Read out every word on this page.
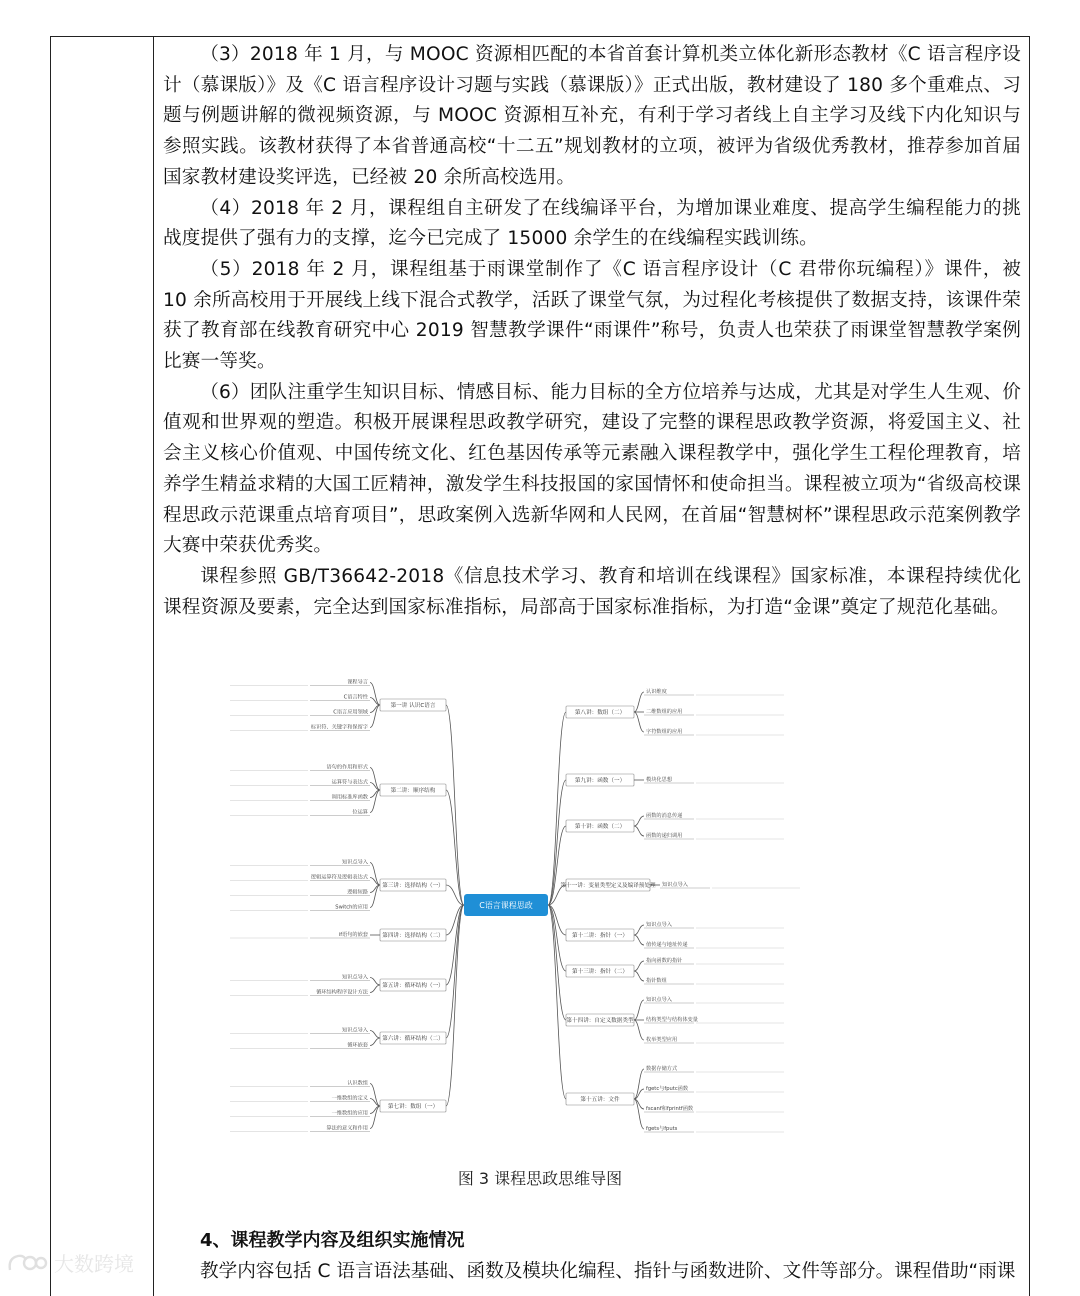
（3）2018 年 1 月，与 MOOC 资源相匹配的本省首套计算机类立体化新形态教材《C 语言程序设计（慕课版）》及《C 语言程序设计习题与实践（慕课版）》正式出版，教材建设了 180 多个重难点、习题与例题讲解的微视频资源，与 MOOC 资源相互补充，有利于学习者线上自主学习及线下内化知识与参照实践。该教材获得了本省普通高校“十二五”规划教材的立项，被评为省级优秀教材，推荐参加首届国家教材建设奖评选，已经被 20 余所高校选用。

（4）2018 年 2 月，课程组自主研发了在线编译平台，为增加课业难度、提高学生编程能力的挑战度提供了强有力的支撑，迄今已完成了 15000 余学生的在线编程实践训练。

（5）2018 年 2 月，课程组基于雨课堂制作了《C 语言程序设计（C 君带你玩编程）》课件，被 10 余所高校用于开展线上线下混合式教学，活跃了课堂气氛，为过程化考核提供了数据支持，该课件荣获了教育部在线教育研究中心 2019 智慧教学课件“雨课件”称号，负责人也荣获了雨课堂智慧教学案例比赛一等奖。

（6）团队注重学生知识目标、情感目标、能力目标的全方位培养与达成，尤其是对学生人生观、价值观和世界观的塑造。积极开展课程思政教学研究，建设了完整的课程思政教学资源，将爱国主义、社会主义核心价值观、中国传统文化、红色基因传承等元素融入课程教学中，强化学生工程伦理教育，培养学生精益求精的大国工匠精神，激发学生科技报国的家国情怀和使命担当。课程被立项为“省级高校课程思政示范课重点培育项目”，思政案例入选新华网和人民网，在首届“智慧树杯”课程思政示范案例教学大赛中荣获优秀奖。

课程参照 GB/T36642-2018《信息技术学习、教育和培训在线课程》国家标准，本课程持续优化课程资源及要素，完全达到国家标准指标，局部高于国家标准指标，为打造“金课”奠定了规范化基础。

第一讲 认识C语言
课程导言
C语言特性
C语言应用领域
标识符、关键字和保留字
第二讲：顺序结构
语句的作用和形式
运算符与表达式
调用标准库函数
位运算
第三讲：选择结构（一）
知识点导入
逻辑运算符及逻辑表达式
逻辑短路
Switch的应用
第四讲：选择结构（二）
if语句的嵌套
第五讲：循环结构（一）
知识点导入
循环结构程序设计方法
第六讲：循环结构（二）
知识点导入
循环嵌套
第七讲：数组（一）
认识数组
一维数组的定义
一维数组的应用
算法的意义和作用
第八讲：数组（二）
认识维度
二维数组的应用
字符数组的应用
第九讲：函数（一）	模块化思想
第十讲：函数（二）
函数的消息传递
函数的递归调用
第十一讲：变量类型定义及编译预处理 知识点导入
第十二讲：指针（一）
知识点导入
值传递与地址传递
第十三讲：指针（二）
指向函数的指针
指针数组
第十四讲：自定义数据类型
知识点导入
结构类型与结构体变量
枚举类型应用
第十五讲：文件
数据存储方式
fgetc与fputc函数
fscanf和fprintf函数
fgets与fputs
C语言课程思政
图 3 课程思政思维导图
4、课程教学内容及组织实施情况
教学内容包括 C 语言语法基础、函数及模块化编程、指针与函数进阶、文件等部分。课程借助“雨课
大数跨境
